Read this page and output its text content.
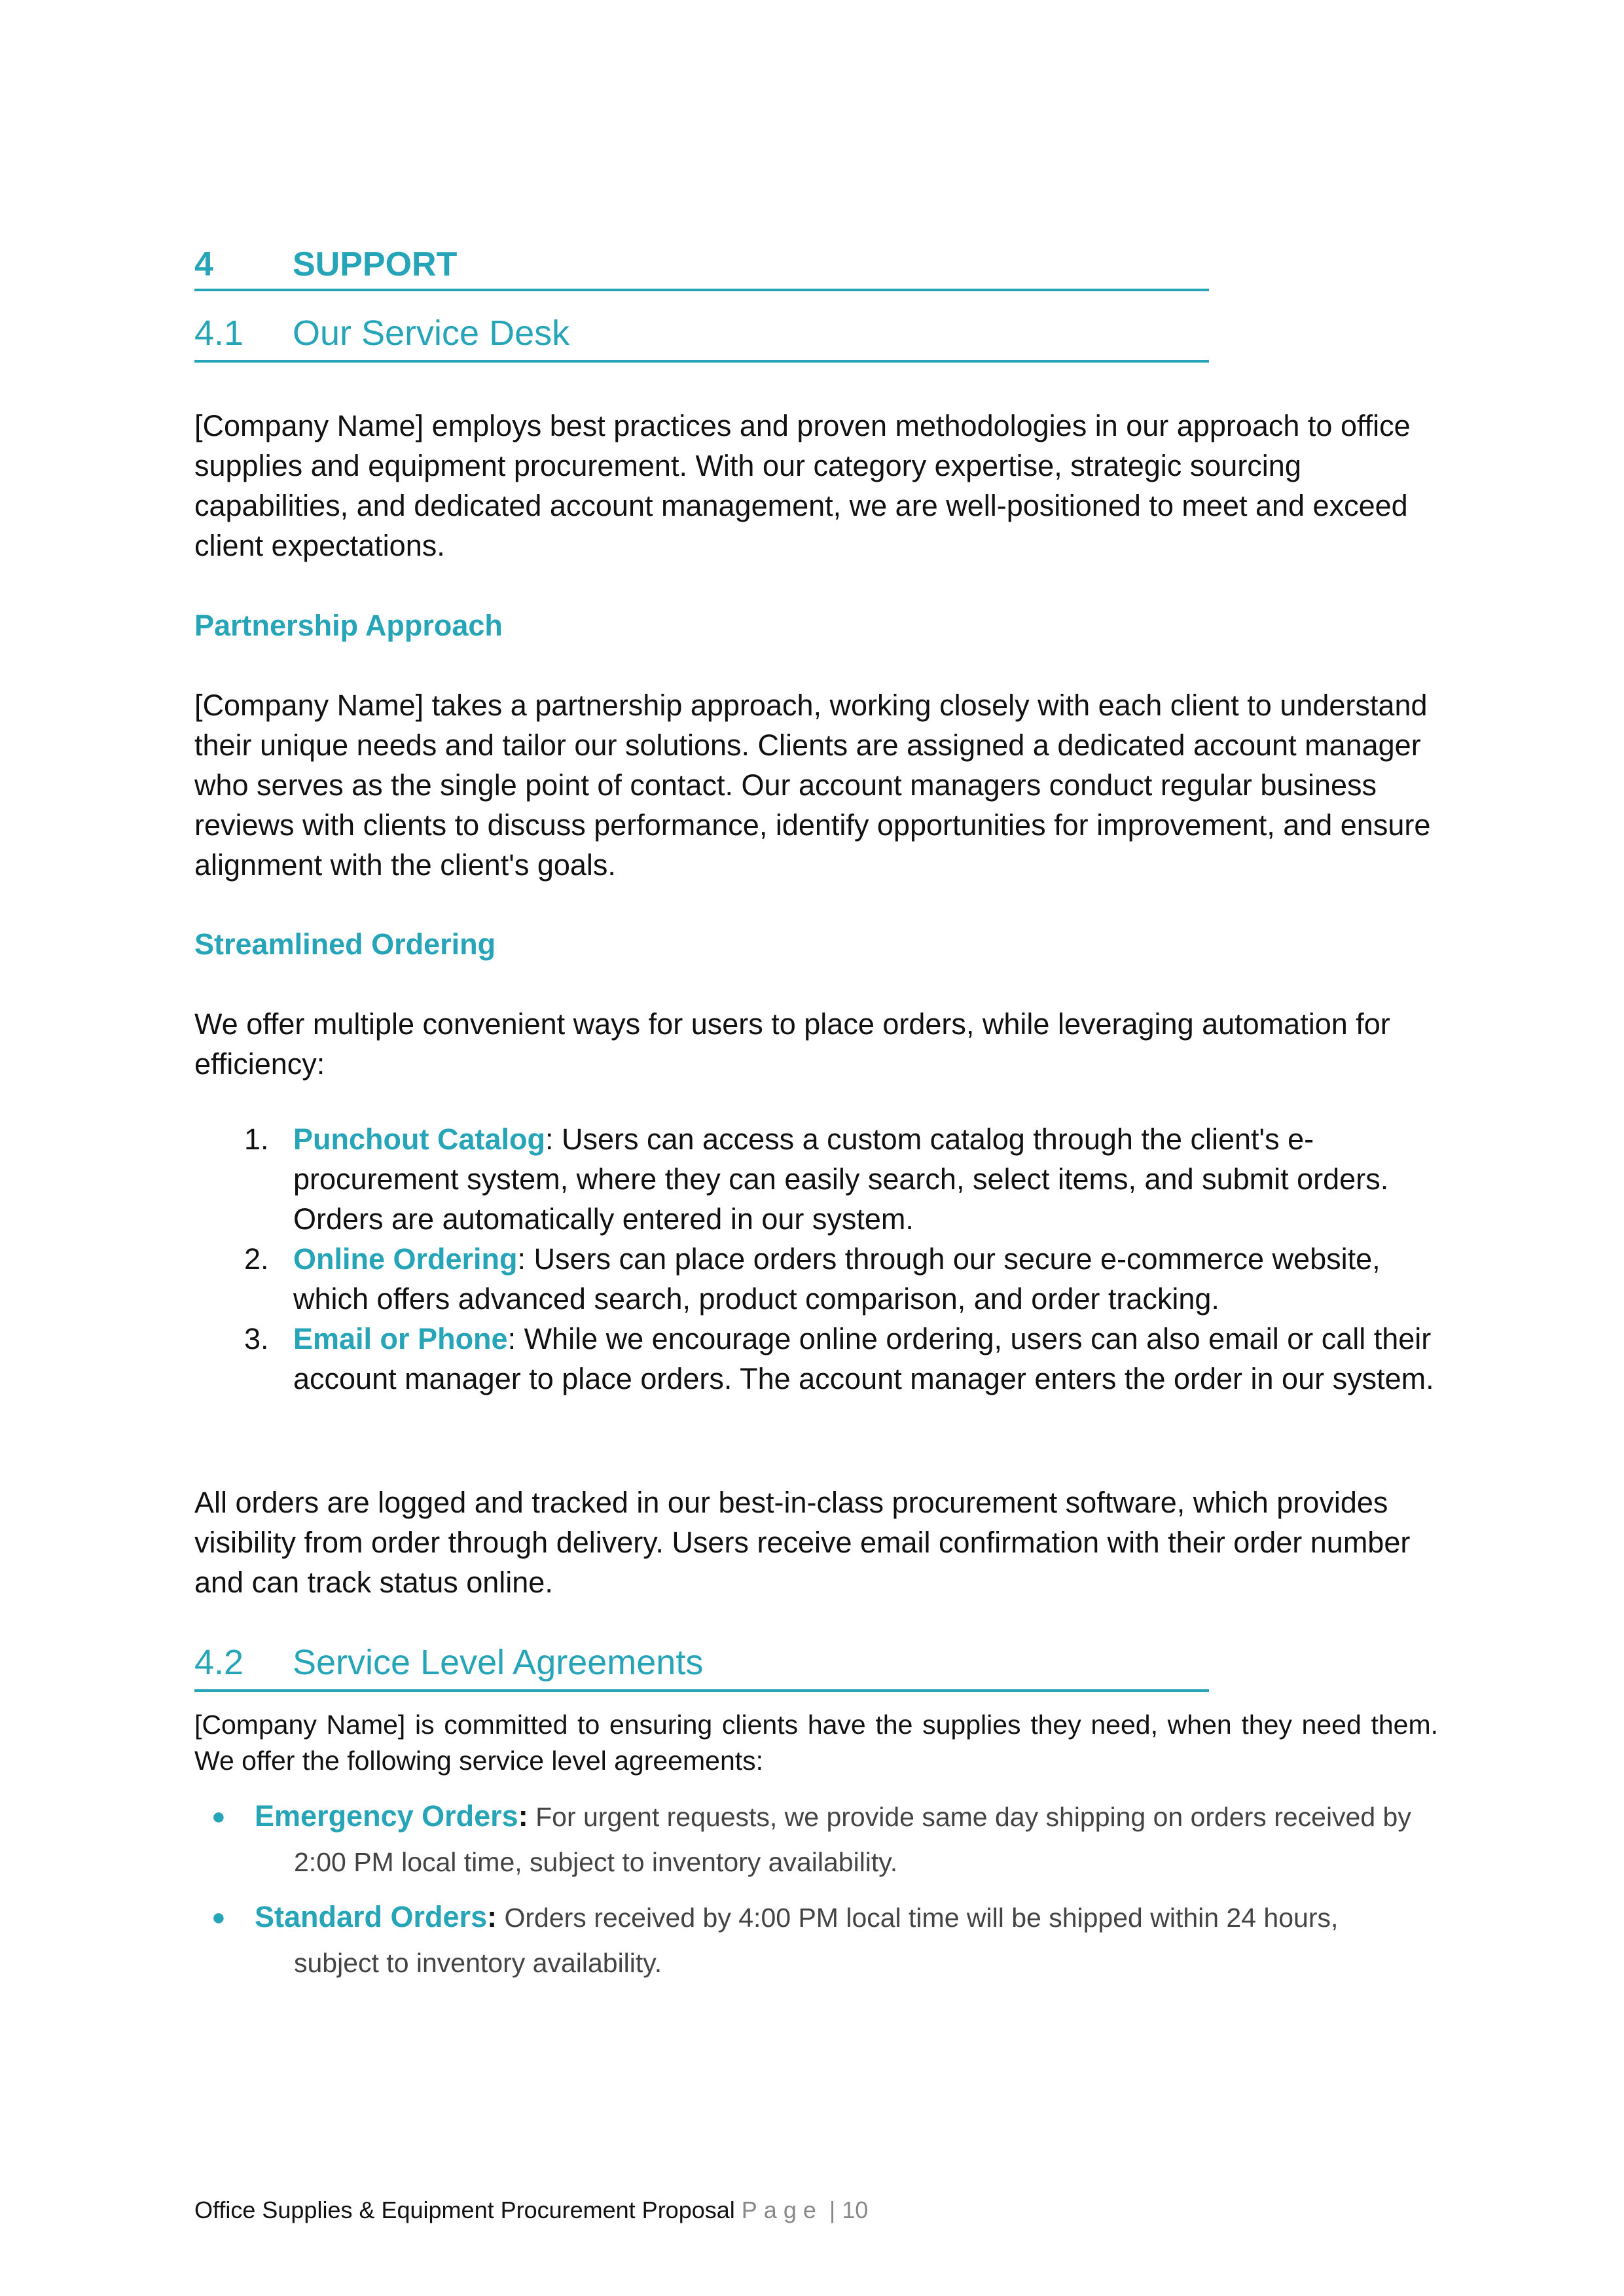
4 SUPPORT
4.1 Our Service Desk

[Company Name] employs best practices and proven methodologies in our approach to office supplies and equipment procurement. With our category expertise, strategic sourcing capabilities, and dedicated account management, we are well-positioned to meet and exceed client expectations.

Partnership Approach

[Company Name] takes a partnership approach, working closely with each client to understand their unique needs and tailor our solutions. Clients are assigned a dedicated account manager who serves as the single point of contact. Our account managers conduct regular business reviews with clients to discuss performance, identify opportunities for improvement, and ensure alignment with the client's goals.

Streamlined Ordering

We offer multiple convenient ways for users to place orders, while leveraging automation for efficiency:

1. Punchout Catalog: Users can access a custom catalog through the client's e-procurement system, where they can easily search, select items, and submit orders. Orders are automatically entered in our system.
2. Online Ordering: Users can place orders through our secure e-commerce website, which offers advanced search, product comparison, and order tracking.
3. Email or Phone: While we encourage online ordering, users can also email or call their account manager to place orders. The account manager enters the order in our system.

All orders are logged and tracked in our best-in-class procurement software, which provides visibility from order through delivery. Users receive email confirmation with their order number and can track status online.

4.2 Service Level Agreements

[Company Name] is committed to ensuring clients have the supplies they need, when they need them. We offer the following service level agreements:

● Emergency Orders: For urgent requests, we provide same day shipping on orders received by
2:00 PM local time, subject to inventory availability.
● Standard Orders: Orders received by 4:00 PM local time will be shipped within 24 hours,
subject to inventory availability.
Office Supplies & Equipment Procurement Proposal Page | 10
